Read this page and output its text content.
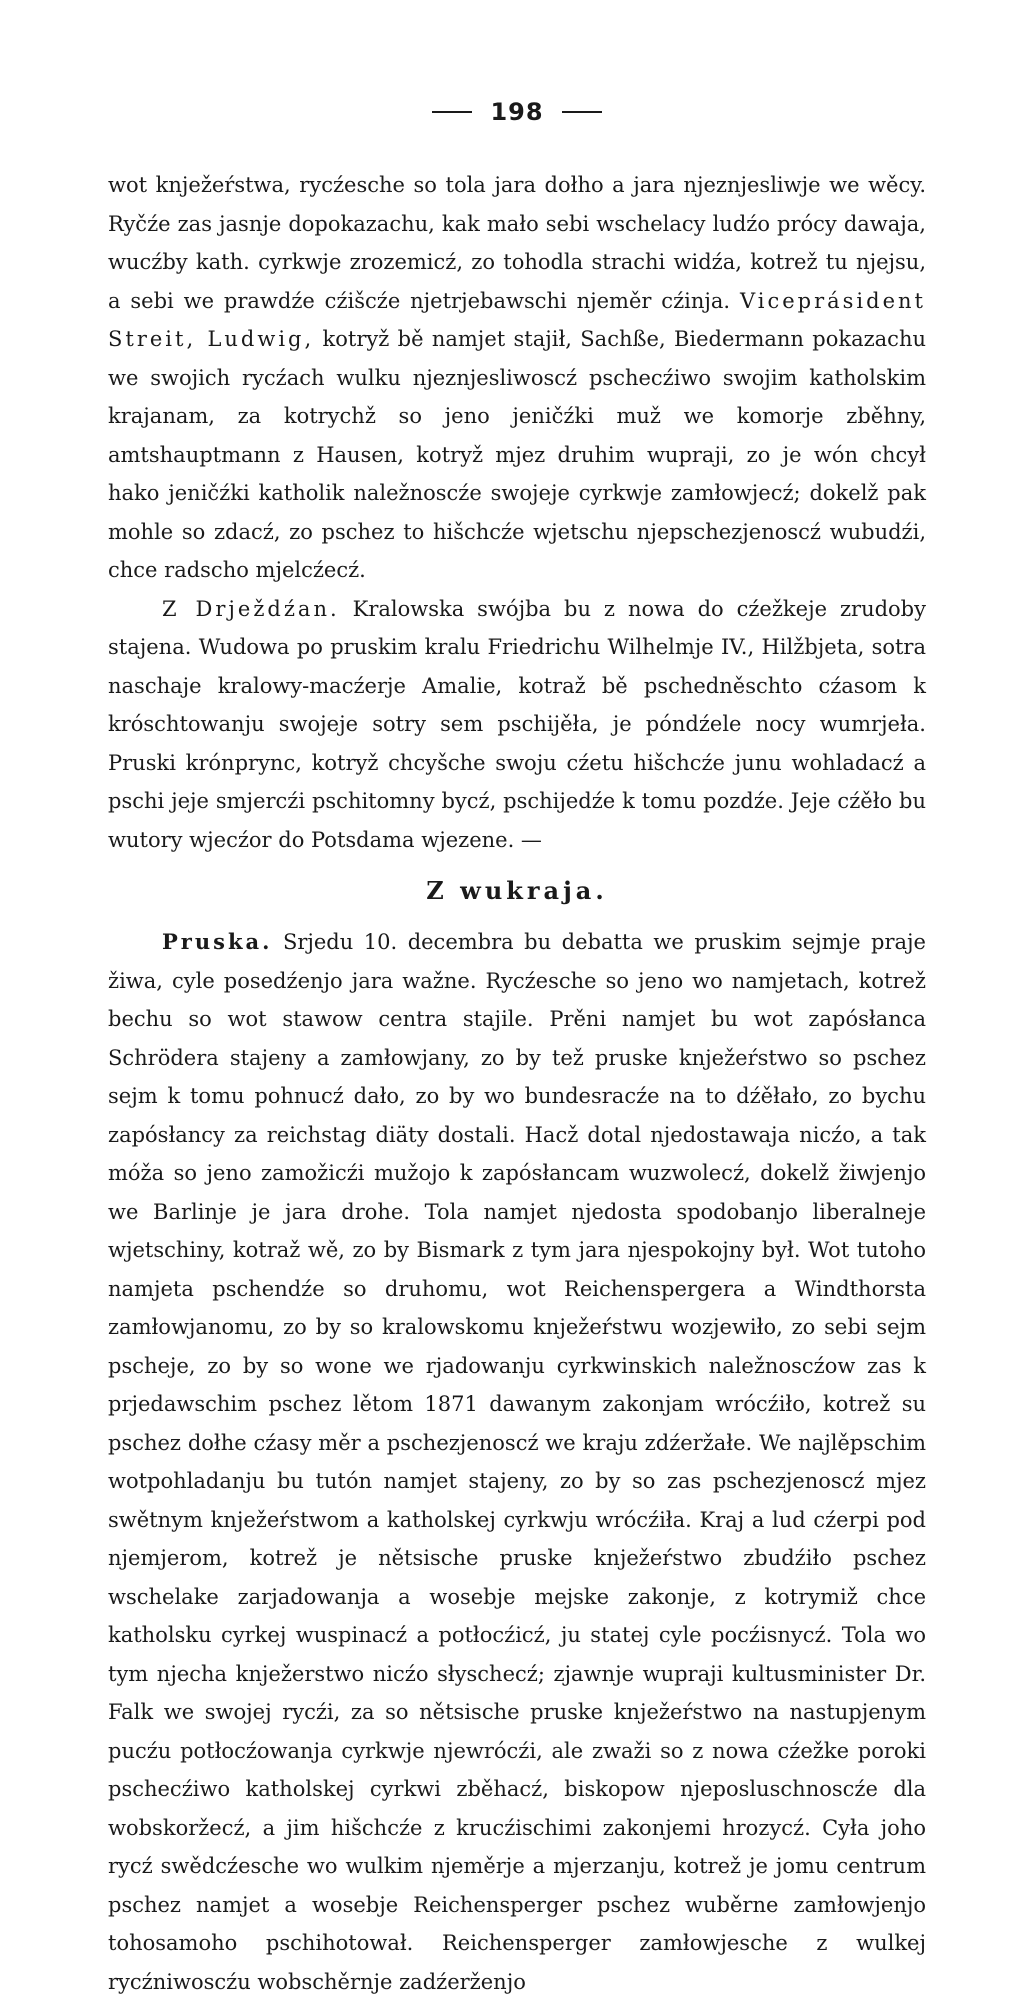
198

wot knježeŕstwa, rycźesche so tola jara dołho a jara njeznjesliwje we wěcy. Ryčźe zas jasnje dopokazachu, kak mało sebi wschelacy ludźo prócy dawaja, wucźby kath. cyrkwje zrozemicź, zo tohodla strachi widźa, kotrež tu njejsu, a sebi we prawdźe cźišcźe njetrjebawschi njeměr cźinja. Viceprásident Streit, Ludwig, kotryž bě namjet stajił, Sachße, Biedermann pokazachu we swojich rycźach wulku njeznjesliwoscź pschecźiwo swojim katholskim krajanam, za kotrychž so jeno jeničźki muž we komorje zběhny, amtshauptmann z Hausen, kotryž mjez druhim wupraji, zo je wón chcył hako jeničźki katholik naležnoscźe swojeje cyrkwje zamłowjecź; dokelž pak mohle so zdacź, zo pschez to hišchcźe wjetschu njepschezjenoscź wubudźi, chce radscho mjelcźecź.

Z Drježdźan. Kralowska swójba bu z nowa do cźežkeje zrudoby stajena. Wudowa po pruskim kralu Friedrichu Wilhelmje IV., Hilžbjeta, sotra naschaje kralowy-macźerje Amalie, kotraž bě pschedněschto cźasom k króschtowanju swojeje sotry sem pschijěła, je póndźele nocy wumrjeła. Pruski krónprync, kotryž chcyšche swoju cźetu hišchcźe junu wohladacź a pschi jeje smjercźi pschitomny bycź, pschijedźe k tomu pozdźe. Jeje cźěło bu wutory wjecźor do Potsdama wjezene. —

Z wukraja.

Pruska. Srjedu 10. decembra bu debatta we pruskim sejmje praje žiwa, cyle posedźenjo jara wažne. Rycźesche so jeno wo namjetach, kotrež bechu so wot stawow centra stajile. Prěni namjet bu wot zapósłanca Schrödera stajeny a zamłowjany, zo by tež pruske knježeŕstwo so pschez sejm k tomu pohnucź dało, zo by wo bundesracźe na to dźěłało, zo bychu zapósłancy za reichstag diäty dostali. Hacž dotal njedostawaja nicźo, a tak móža so jeno zamožicźi mužojo k zapósłancam wuzwolecź, dokelž žiwjenjo we Barlinje je jara drohe. Tola namjet njedosta spodobanjo liberalneje wjetschiny, kotraž wě, zo by Bismark z tym jara njespokojny był. Wot tutoho namjeta pschendźe so druhomu, wot Reichenspergera a Windthorsta zamłowjanomu, zo by so kralowskomu knježeŕstwu wozjewiło, zo sebi sejm pscheje, zo by so wone we rjadowanju cyrkwinskich naležnoscźow zas k prjedawschim pschez lětom 1871 dawanym zakonjam wrócźiło, kotrež su pschez dołhe cźasy měr a pschezjenoscź we kraju zdźeržałe. We najlěpschim wotpohladanju bu tutón namjet stajeny, zo by so zas pschezjenoscź mjez swětnym knježeŕstwom a katholskej cyrkwju wrócźiła. Kraj a lud cźerpi pod njemjerom, kotrež je nětsische pruske knježeŕstwo zbudźiło pschez wschelake zarjadowanja a wosebje mejske zakonje, z kotrymiž chce katholsku cyrkej wuspinacź a potłocźicź, ju statej cyle pocźisnycź. Tola wo tym njecha knježerstwo nicźo słyschecź; zjawnje wupraji kultusminister Dr. Falk we swojej rycźi, za so nětsische pruske knježeŕstwo na nastupjenym pucźu potłocźowanja cyrkwje njewrócźi, ale zwaži so z nowa cźežke poroki pschecźiwo katholskej cyrkwi zběhacź, biskopow njeposluschnoscźe dla wobskoržecź, a jim hišchcźe z krucźischimi zakonjemi hrozycź. Cyła joho rycź swědcźesche wo wulkim njeměrje a mjerzanju, kotrež je jomu centrum pschez namjet a wosebje Reichensperger pschez wuběrne zamłowjenjo tohosamoho pschihotował. Reichensperger zamłowjesche z wulkej rycźniwoscźu wobschěrnje zadźerženjo
